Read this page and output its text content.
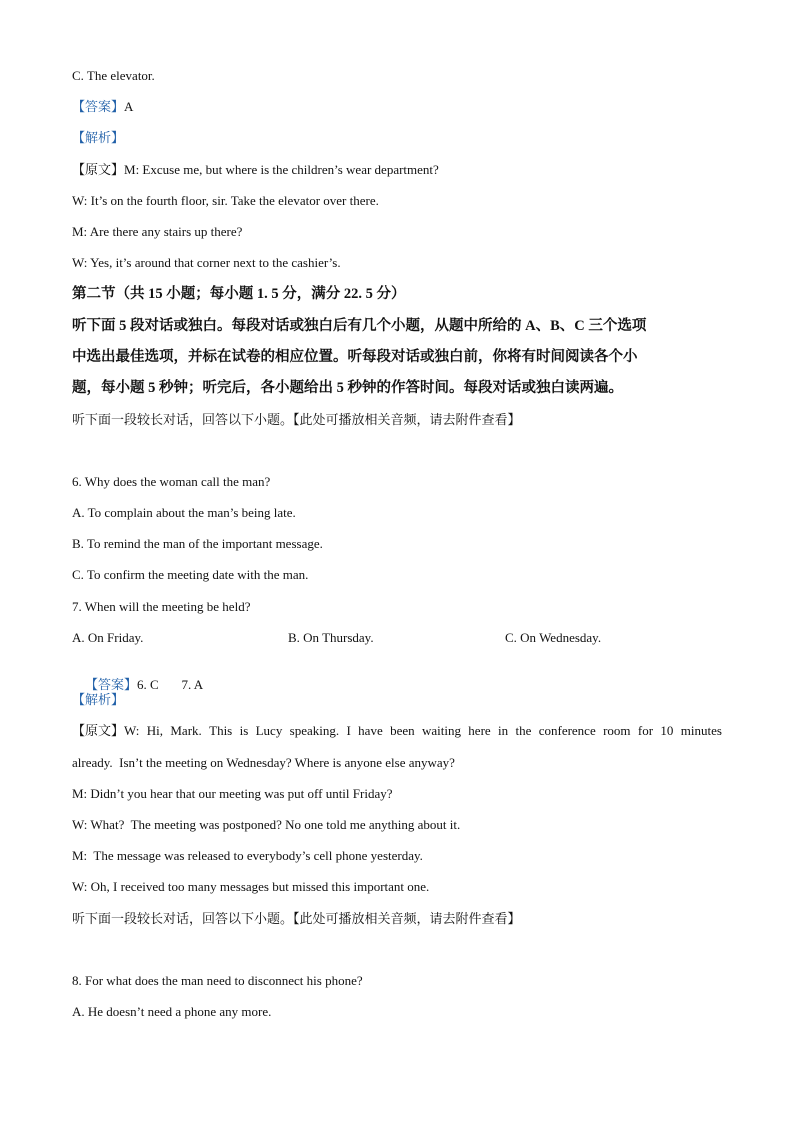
C. The elevator.
【答案】A
【解析】
【原文】M: Excuse me, but where is the children’s wear department?
W: It’s on the fourth floor, sir. Take the elevator over there.
M: Are there any stairs up there?
W: Yes, it’s around that corner next to the cashier’s.
第二节（共 15 小题；每小题 1. 5 分，满分 22. 5 分）
听下面 5 段对话或独白。每段对话或独白后有几个小题，从题中所给的 A、B、C 三个选项
中选出最佳选项，并标在试卷的相应位置。听每段对话或独白前，你将有时间阅读各个小
题，每小题 5 秒钟；听完后，各小题给出 5 秒钟的作答时间。每段对话或独白读两遍。
听下面一段较长对话，回答以下小题。【此处可播放相关音频，请去附件查看】
6. Why does the woman call the man?
A. To complain about the man’s being late.
B. To remind the man of the important message.
C. To confirm the meeting date with the man.
7. When will the meeting be held?
A. On Friday.	B. On Thursday.	C. On Wednesday.

【答案】6. C       7. A

【解析】
【原文】W: Hi, Mark. This is Lucy speaking. I have been waiting here in the conference room for 10 minutes
already.  Isn’t the meeting on Wednesday? Where is anyone else anyway?
M: Didn’t you hear that our meeting was put off until Friday?
W: What?  The meeting was postponed? No one told me anything about it.
M:  The message was released to everybody’s cell phone yesterday.
W: Oh, I received too many messages but missed this important one.
听下面一段较长对话，回答以下小题。【此处可播放相关音频，请去附件查看】
8. For what does the man need to disconnect his phone?
A. He doesn’t need a phone any more.
